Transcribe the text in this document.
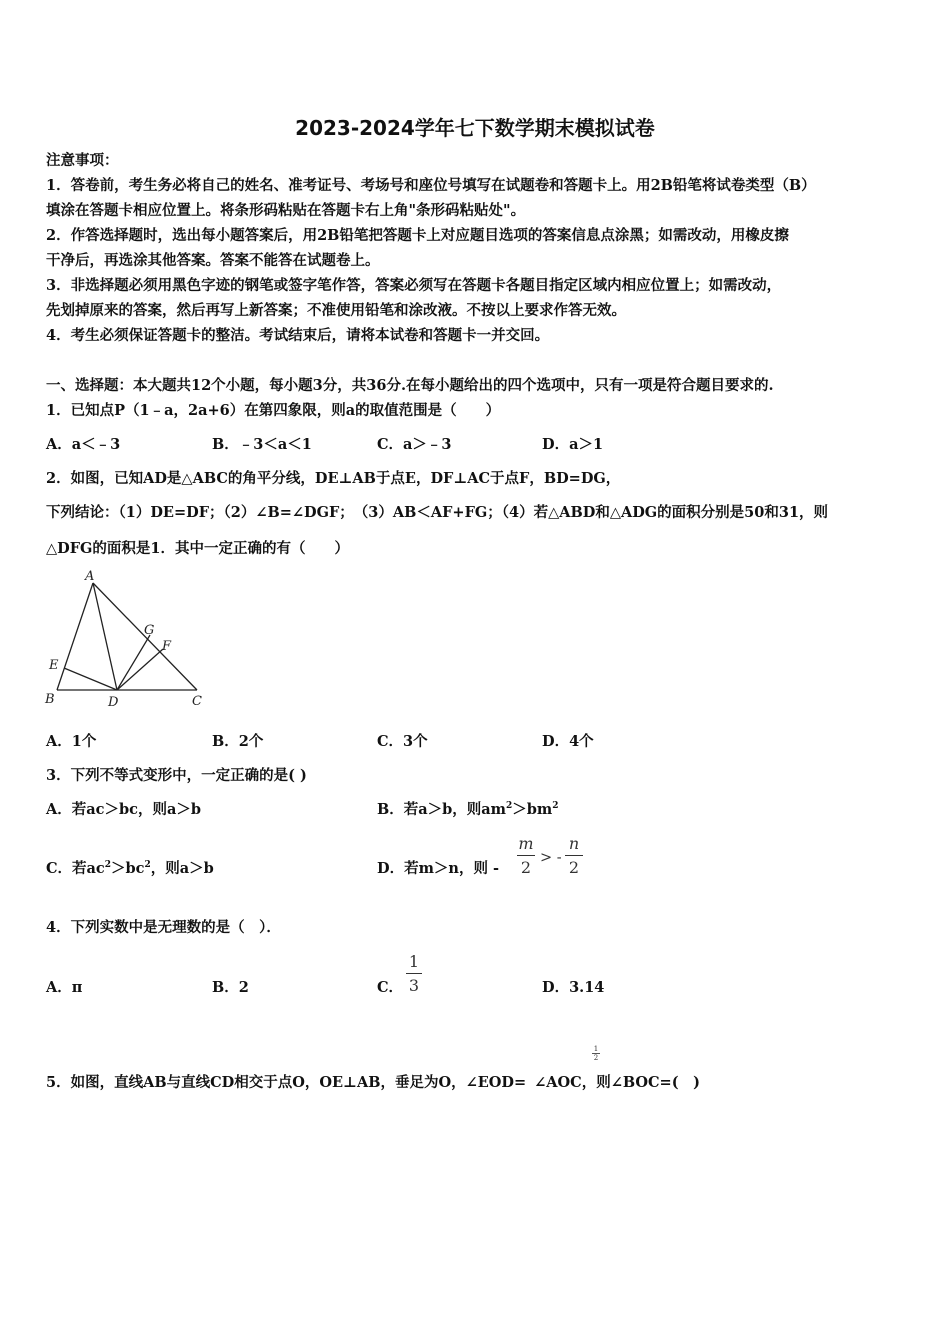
2023-2024学年七下数学期末模拟试卷
注意事项：
1．答卷前，考生务必将自己的姓名、准考证号、考场号和座位号填写在试题卷和答题卡上。用2B铅笔将试卷类型（B）
填涂在答题卡相应位置上。将条形码粘贴在答题卡右上角"条形码粘贴处"。
2．作答选择题时，选出每小题答案后，用2B铅笔把答题卡上对应题目选项的答案信息点涂黑；如需改动，用橡皮擦
干净后，再选涂其他答案。答案不能答在试题卷上。
3．非选择题必须用黑色字迹的钢笔或签字笔作答，答案必须写在答题卡各题目指定区域内相应位置上；如需改动，
先划掉原来的答案，然后再写上新答案；不准使用铅笔和涂改液。不按以上要求作答无效。
4．考生必须保证答题卡的整洁。考试结束后，请将本试卷和答题卡一并交回。
一、选择题：本大题共12个小题，每小题3分，共36分.在每小题给出的四个选项中，只有一项是符合题目要求的.
1．已知点P（1﹣a，2a+6）在第四象限，则a的取值范围是（　　）
A．a＜﹣3	B．﹣3＜a＜1	C．a＞﹣3	D．a＞1
2．如图，已知AD是△ABC的角平分线，DE⊥AB于点E，DF⊥AC于点F，BD=DG，
下列结论：（1）DE=DF；（2）∠B=∠DGF；　（3）AB＜AF+FG；（4）若△ABD和△ADG的面积分别是50和31，则
△DFG的面积是1．其中一定正确的有（　　）
A
B	C
D
E
F
G
A．1个	B．2个	C．3个	D．4个
3．下列不等式变形中，一定正确的是( )
A．若ac＞bc，则a＞b	B．若a＞b，则$am^2>bm^2$
C．若$ac^2>bc^2$，则a＞b	D．若m＞n，则 -
m
2 > -
n
2
4．下列实数中是无理数的是（　）．
A．π	B．2	C．
1
3	D．3.14
5．如图，直线AB与直线CD相交于点O，OE⊥AB，垂足为O，∠EOD= ∠AOC，则∠BOC=(　)
1
2
